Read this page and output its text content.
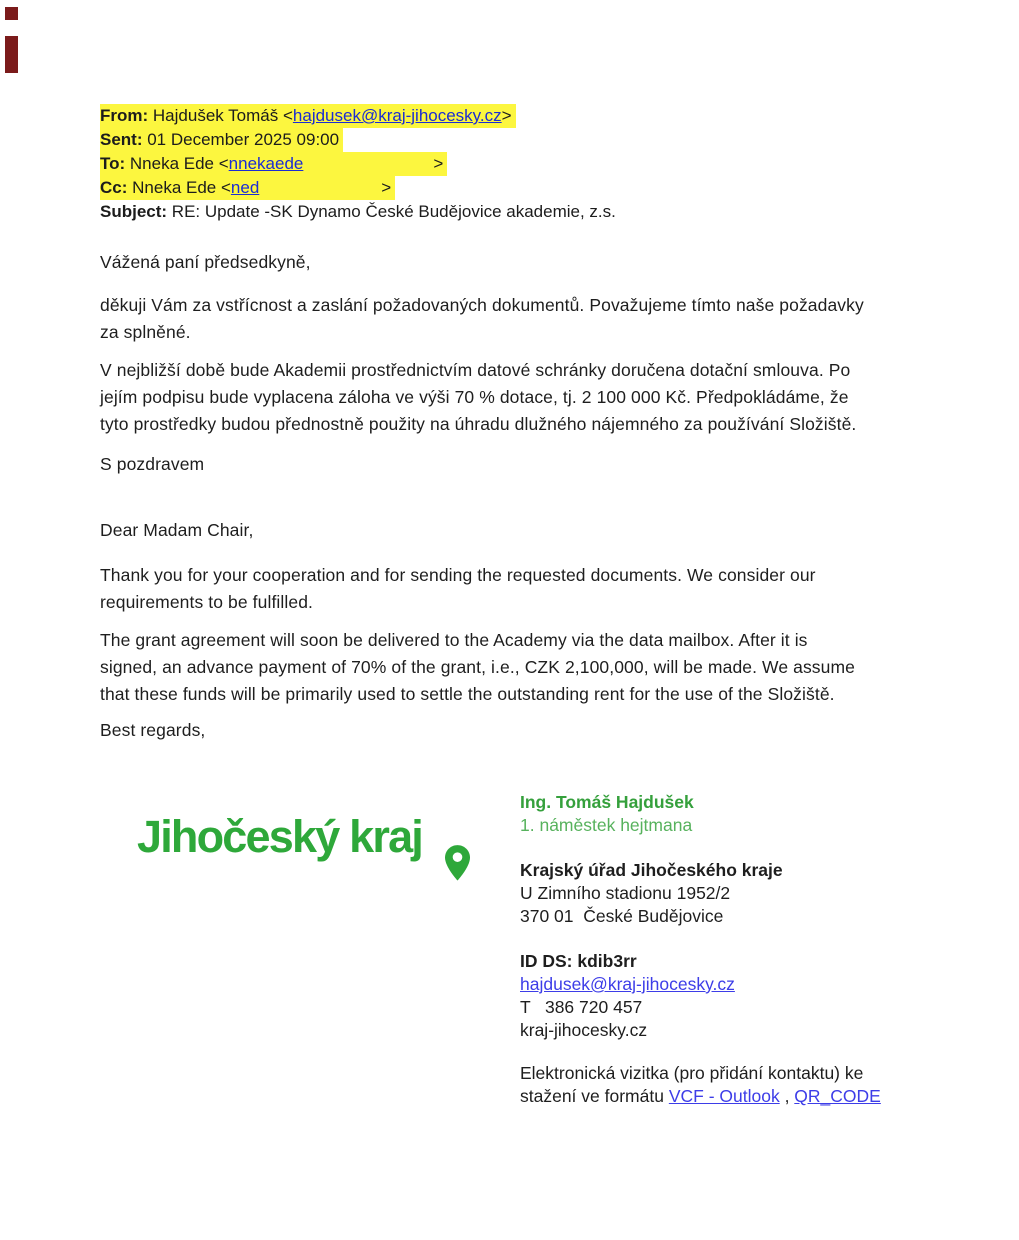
From: Hajdušek Tomáš <hajdusek@kraj-jihocesky.cz>
Sent: 01 December 2025 09:00
To: Nneka Ede <nnekaede	>
Cc: Nneka Ede <ned	>
Subject: RE: Update -SK Dynamo České Budějovice akademie, z.s.
Vážená paní předsedkyně,
děkuji Vám za vstřícnost a zaslání požadovaných dokumentů. Považujeme tímto naše požadavky
za splněné.
V nejbližší době bude Akademii prostřednictvím datové schránky doručena dotační smlouva. Po
jejím podpisu bude vyplacena záloha ve výši 70 % dotace, tj. 2 100 000 Kč. Předpokládáme, že
tyto prostředky budou přednostně použity na úhradu dlužného nájemného za používání Složiště.
S pozdravem
Dear Madam Chair,
Thank you for your cooperation and for sending the requested documents. We consider our
requirements to be fulfilled.
The grant agreement will soon be delivered to the Academy via the data mailbox. After it is
signed, an advance payment of 70% of the grant, i.e., CZK 2,100,000, will be made. We assume
that these funds will be primarily used to settle the outstanding rent for the use of the Složiště.
Best regards,
Jihočeský kraj
Ing. Tomáš Hajdušek
1. náměstek hejtmana
Krajský úřad Jihočeského kraje
U Zimního stadionu 1952/2
370 01  České Budějovice
ID DS: kdib3rr
hajdusek@kraj-jihocesky.cz
T   386 720 457
kraj-jihocesky.cz
Elektronická vizitka (pro přidání kontaktu) ke
stažení ve formátu VCF - Outlook , QR_CODE
